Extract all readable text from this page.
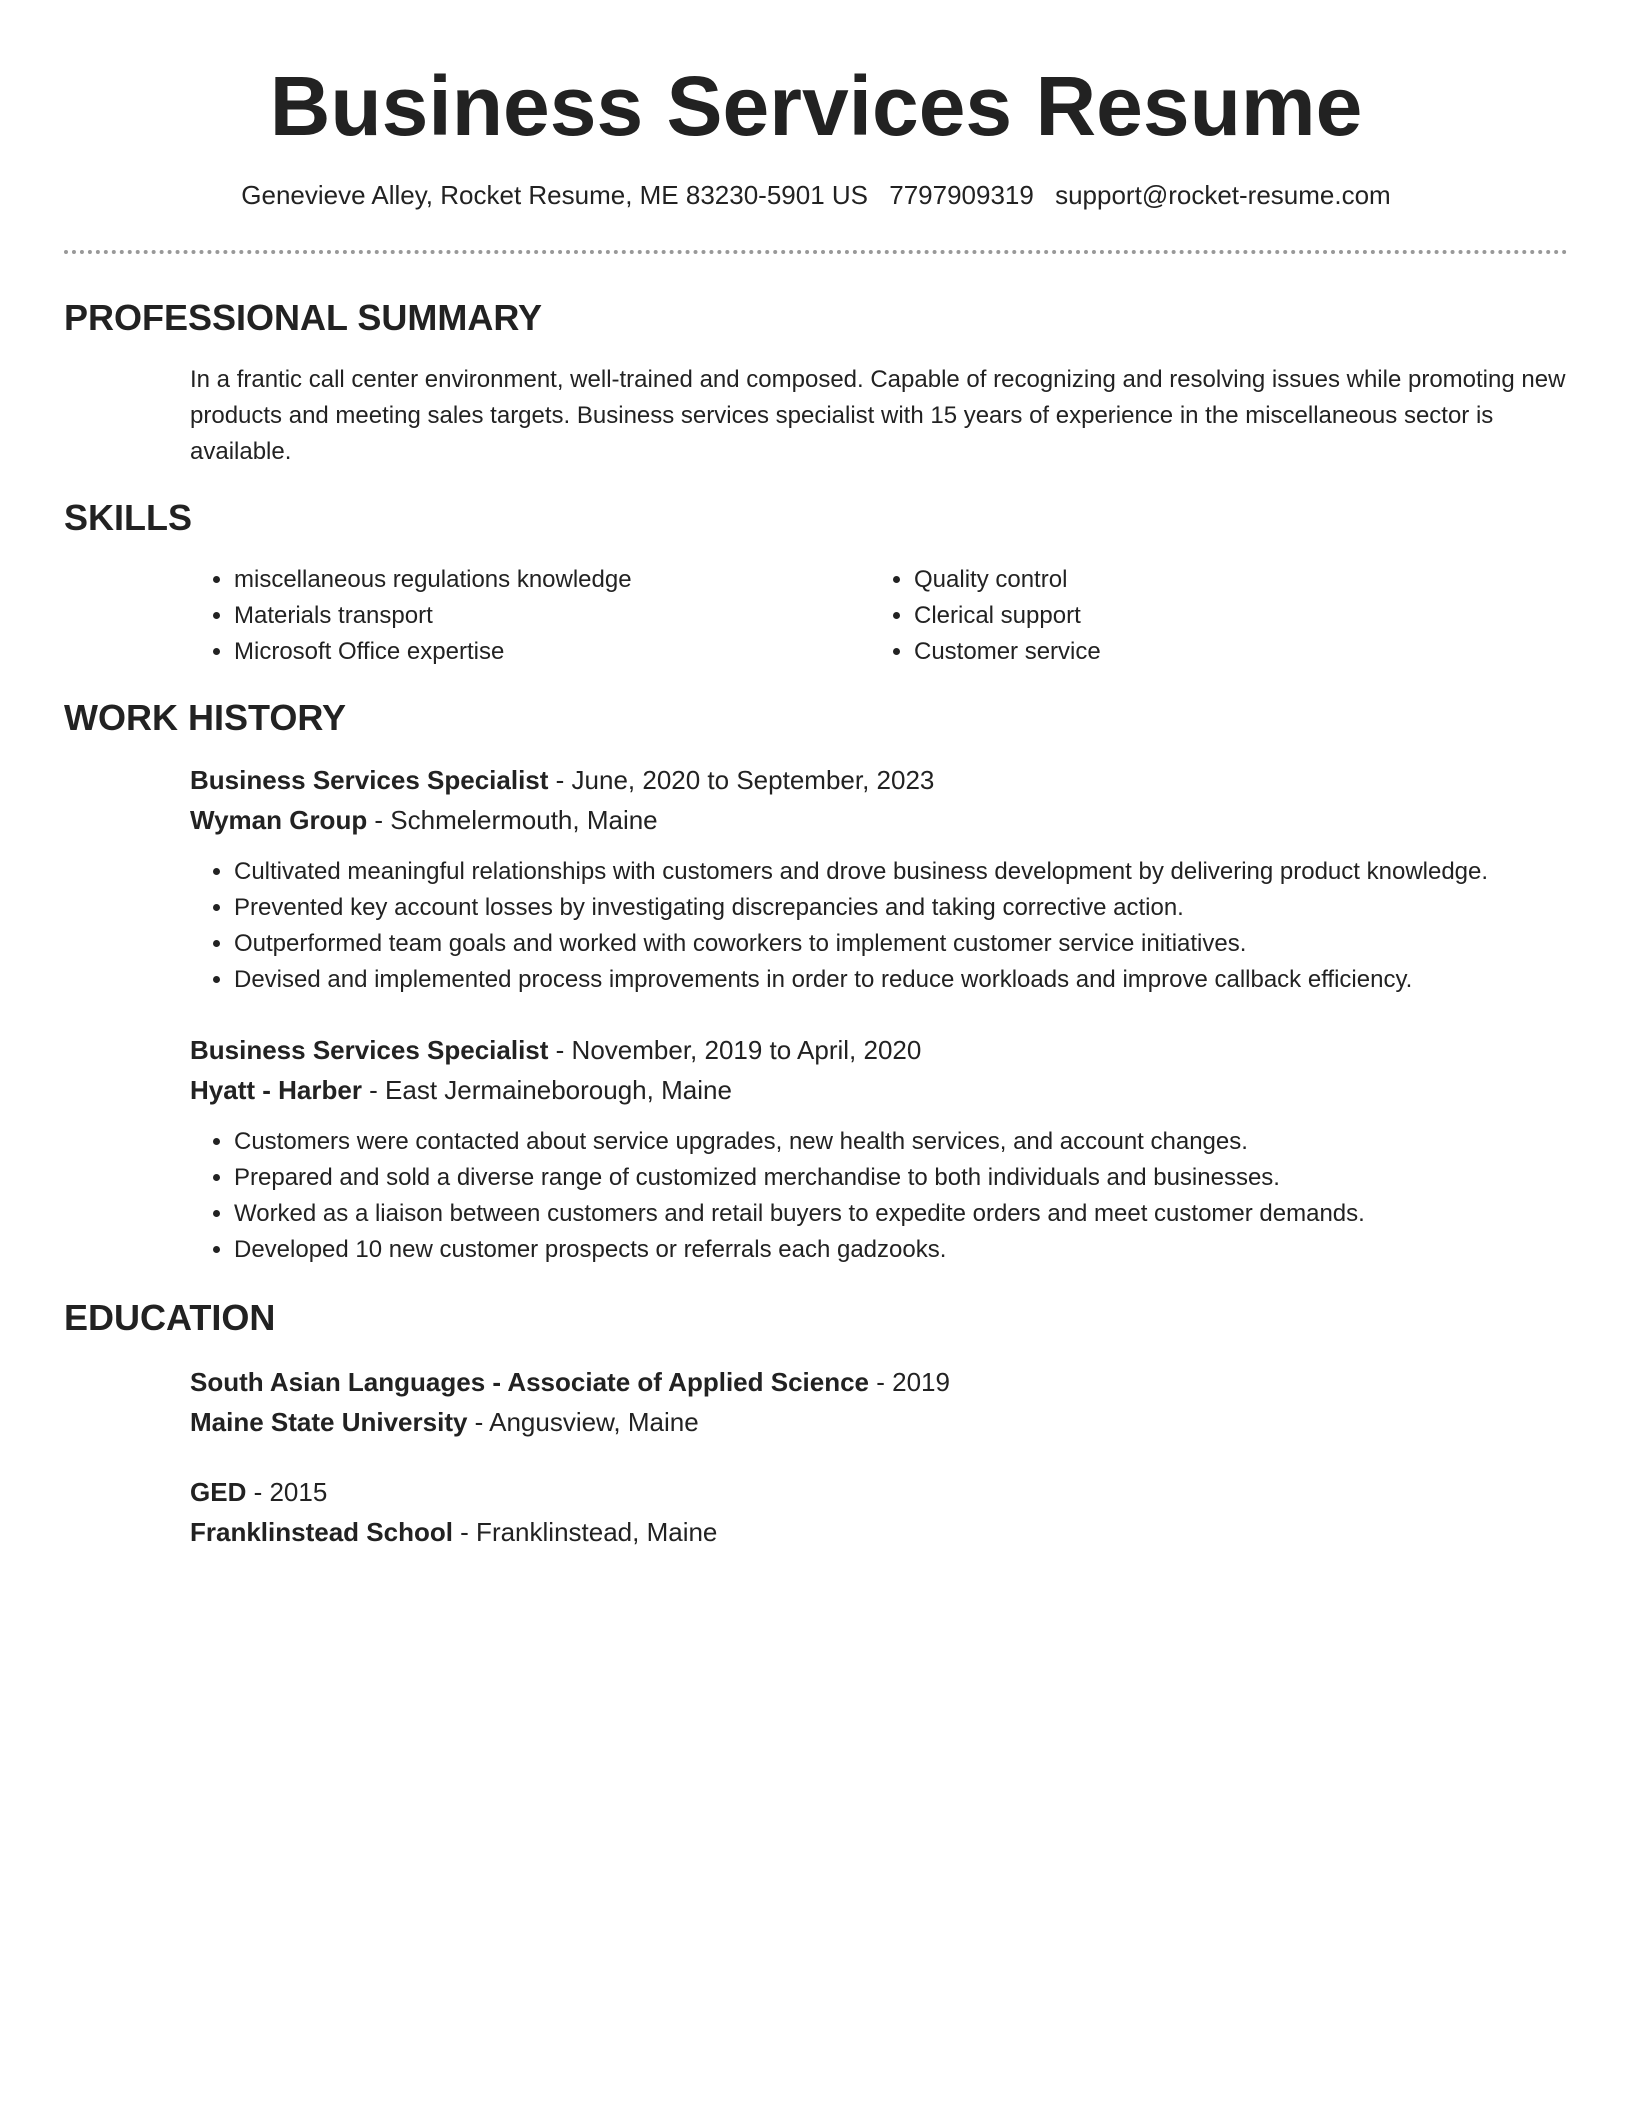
Business Services Resume
Genevieve Alley, Rocket Resume, ME 83230-5901 US 7797909319 support@rocket-resume.com
PROFESSIONAL SUMMARY

In a frantic call center environment, well-trained and composed. Capable of recognizing and resolving issues while promoting new products and meeting sales targets. Business services specialist with 15 years of experience in the miscellaneous sector is available.

SKILLS
• miscellaneous regulations knowledge
• Materials transport
• Microsoft Office expertise
• Quality control
• Clerical support
• Customer service
WORK HISTORY
Business Services Specialist - June, 2020 to September, 2023
Wyman Group - Schmelermouth, Maine
• Cultivated meaningful relationships with customers and drove business development by delivering product knowledge.
• Prevented key account losses by investigating discrepancies and taking corrective action.
• Outperformed team goals and worked with coworkers to implement customer service initiatives.
• Devised and implemented process improvements in order to reduce workloads and improve callback efficiency.
Business Services Specialist - November, 2019 to April, 2020
Hyatt - Harber - East Jermaineborough, Maine
• Customers were contacted about service upgrades, new health services, and account changes.
• Prepared and sold a diverse range of customized merchandise to both individuals and businesses.
• Worked as a liaison between customers and retail buyers to expedite orders and meet customer demands.
• Developed 10 new customer prospects or referrals each gadzooks.
EDUCATION
South Asian Languages - Associate of Applied Science - 2019
Maine State University - Angusview, Maine
GED - 2015
Franklinstead School - Franklinstead, Maine
